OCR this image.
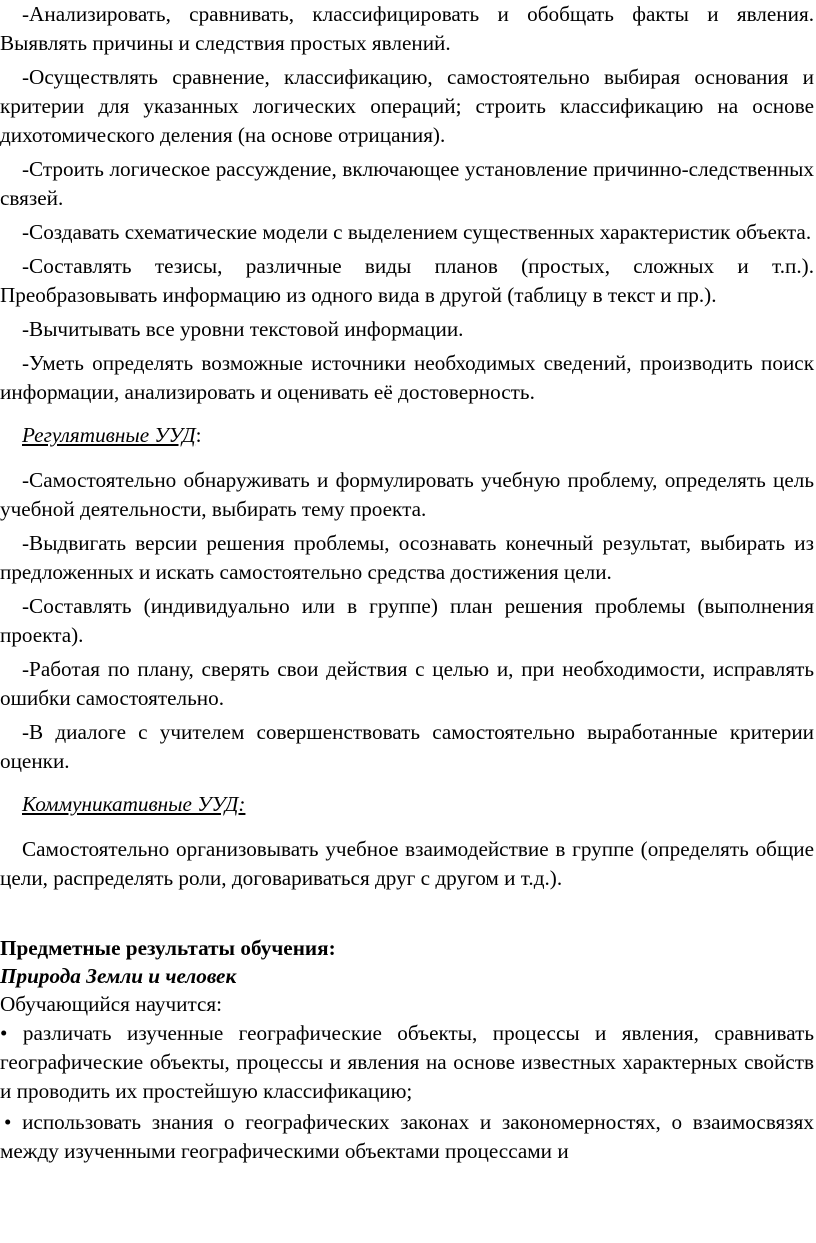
-Анализировать, сравнивать, классифицировать и обобщать факты и явления. Выявлять причины и следствия простых явлений.

-Осуществлять сравнение, классификацию, самостоятельно выбирая основания и критерии для указанных логических операций; строить классификацию на основе дихотомического деления (на основе отрицания).

-Строить логическое рассуждение, включающее установление причинно-следственных связей.

-Создавать схематические модели с выделением существенных характеристик объекта.

-Составлять тезисы, различные виды планов (простых, сложных и т.п.). Преобразовывать информацию из одного вида в другой (таблицу в текст и пр.).

-Вычитывать все уровни текстовой информации.

-Уметь определять возможные источники необходимых сведений, производить поиск информации, анализировать и оценивать её достоверность.

Регулятивные УУД:

-Самостоятельно обнаруживать и формулировать учебную проблему, определять цель учебной деятельности, выбирать тему проекта.

-Выдвигать версии решения проблемы, осознавать конечный результат, выбирать из предложенных и искать самостоятельно средства достижения цели.

-Составлять (индивидуально или в группе) план решения проблемы (выполнения проекта).

-Работая по плану, сверять свои действия с целью и, при необходимости, исправлять ошибки самостоятельно.

-В диалоге с учителем совершенствовать самостоятельно выработанные критерии оценки.

Коммуникативные УУД:

Самостоятельно организовывать учебное взаимодействие в группе (определять общие цели, распределять роли, договариваться друг с другом и т.д.).

Предметные результаты обучения:

Природа Земли и человек

Обучающийся научится:

• различать изученные географические объекты, процессы и явления, сравнивать географические объекты, процессы и явления на основе известных характерных свойств и проводить их простейшую классификацию;

• использовать знания о географических законах и закономерностях, о взаимосвязях между изученными географическими объектами процессами и
